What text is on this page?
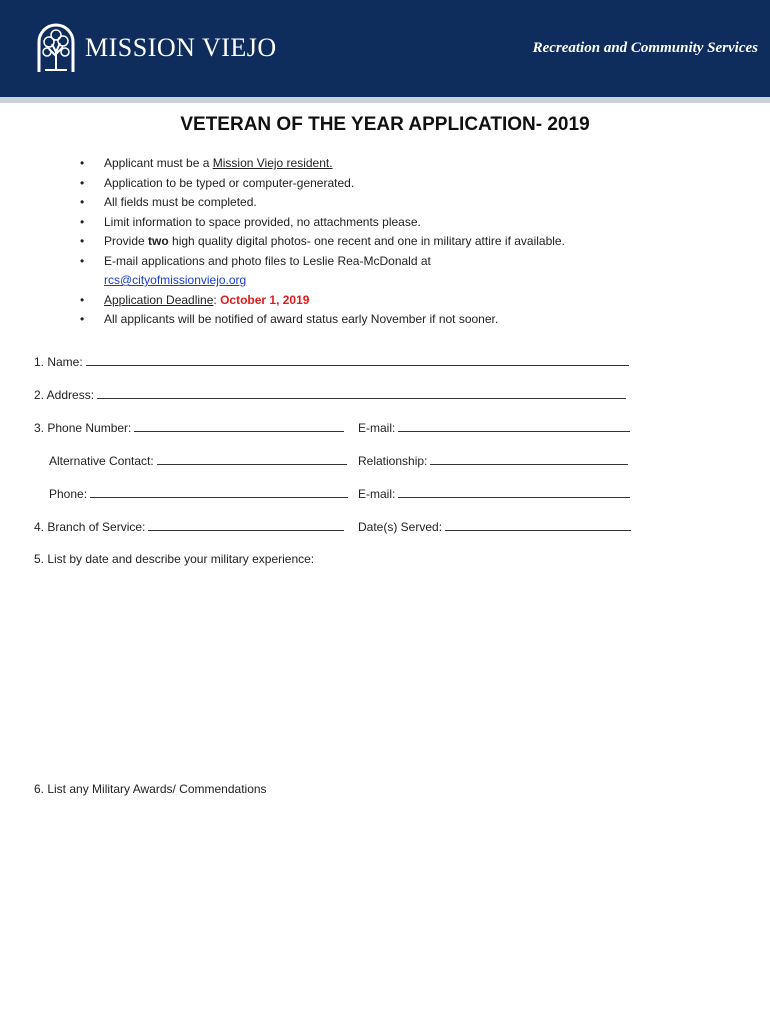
MISSION VIEJO	Recreation and Community Services
VETERAN OF THE YEAR APPLICATION- 2019
• Applicant must be a Mission Viejo resident.
• Application to be typed or computer-generated.
• All fields must be completed.
• Limit information to space provided, no attachments please.
• Provide two high quality digital photos- one recent and one in military attire if available.
• E-mail applications and photo files to Leslie Rea-McDonald at
rcs@cityofmissionviejo.org
• Application Deadline: October 1, 2019
• All applicants will be notified of award status early November if not sooner.
1. Name:
2. Address:
3. Phone Number:	E-mail:
Alternative Contact:	Relationship:
Phone:	E-mail:
4. Branch of Service:	Date(s) Served:
5. List by date and describe your military experience:
6. List any Military Awards/ Commendations
